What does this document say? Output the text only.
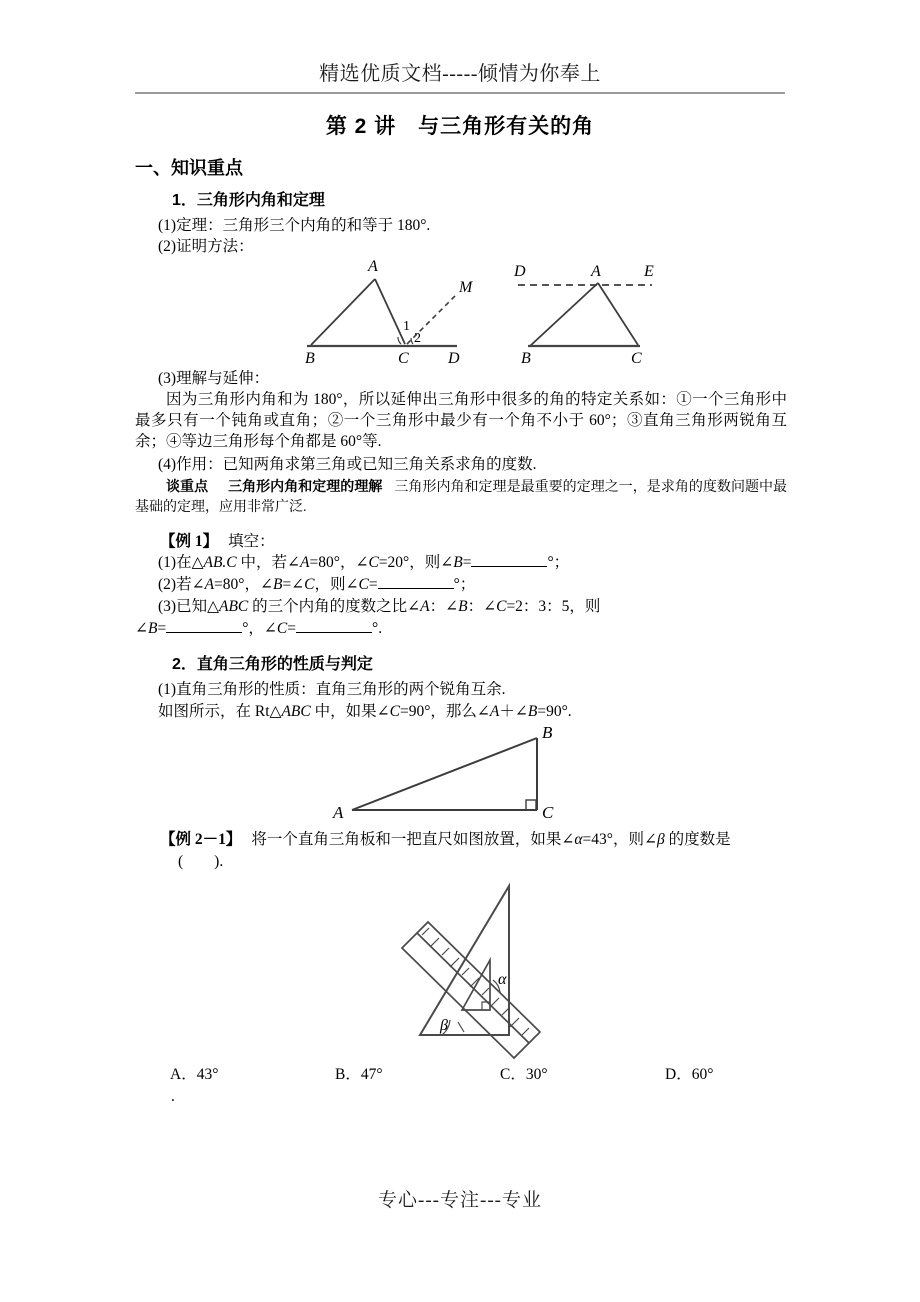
精选优质文档-----倾情为你奉上
第 2 讲　与三角形有关的角
一、知识重点
1．三角形内角和定理
(1)定理：三角形三个内角的和等于 180°.
(2)证明方法：
1
2
A
B	C D
M
D	A	E
B	C
(3)理解与延伸：
因为三角形内角和为 180°，所以延伸出三角形中很多的角的特定关系如：①一个三角形中最多只有一个钝角或直角；②一个三角形中最少有一个角不小于 60°；③直角三角形两锐角互余；④等边三角形每个角都是 60°等.
(4)作用：已知两角求第三角或已知三角关系求角的度数.
谈重点 三角形内角和定理的理解 三角形内角和定理是最重要的定理之一，是求角的度数问题中最基础的定理，应用非常广泛.
【例 1】 填空：
(1)在△AB.C 中，若∠A=80°，∠C=20°，则∠B=	°；
(2)若∠A=80°，∠B=∠C，则∠C=	°；
(3)已知△ABC 的三个内角的度数之比∠A：∠B：∠C=2：3：5，则
∠B=	°，∠C=	°.
2．直角三角形的性质与判定
(1)直角三角形的性质：直角三角形的两个锐角互余.
如图所示，在 Rt△ABC 中，如果∠C=90°，那么∠A＋∠B=90°.
B
A	C
【例 2－1】 将一个直角三角板和一把直尺如图放置，如果∠α=43°，则∠β 的度数是
(　　).
α
β
A．43°	B．47°	C．30°	D．60°
.
专心---专注---专业
